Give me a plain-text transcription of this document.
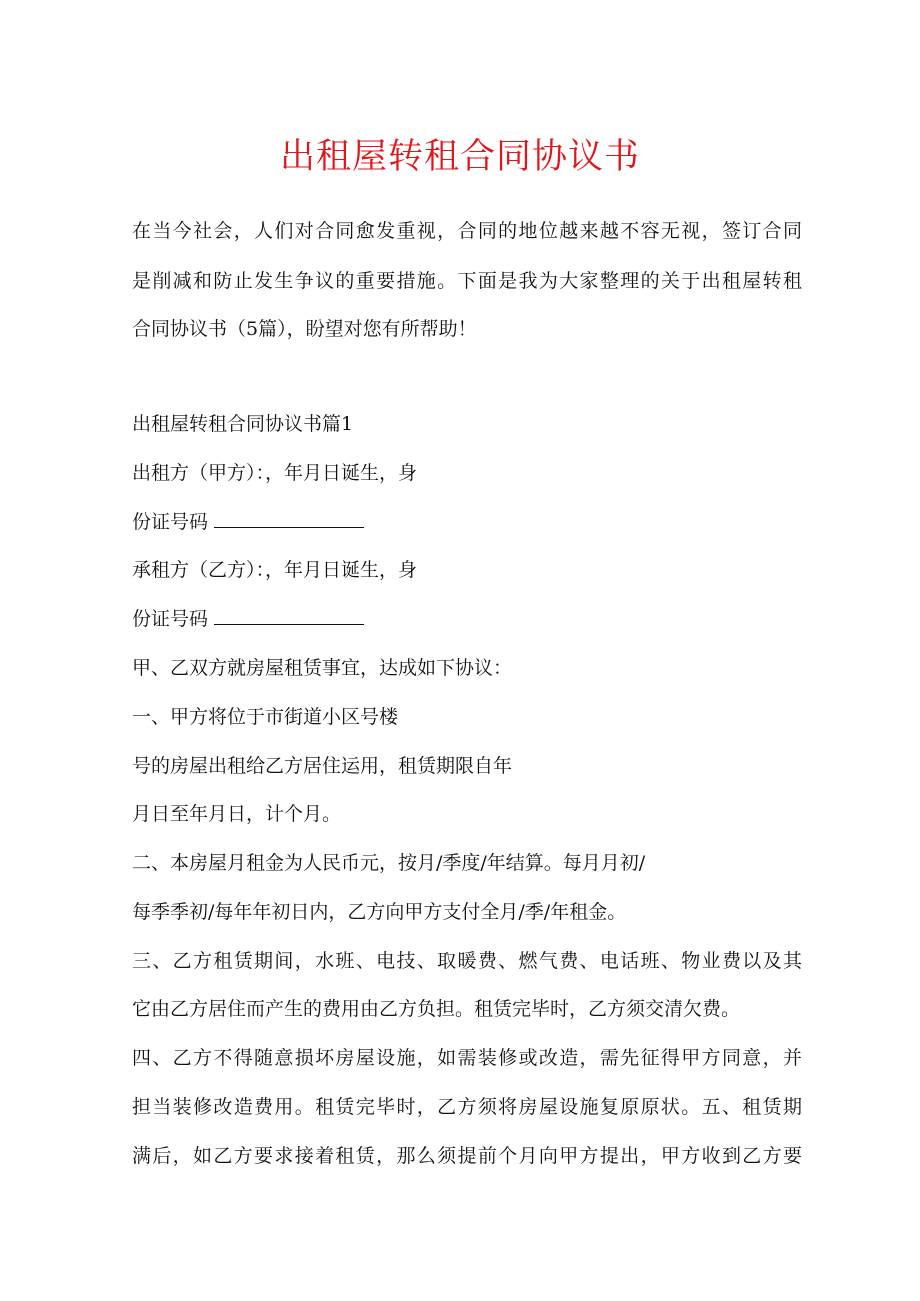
出租屋转租合同协议书

在当今社会，人们对合同愈发重视，合同的地位越来越不容无视，签订合同

是削减和防止发生争议的重要措施。下面是我为大家整理的关于出租屋转租

合同协议书（5篇），盼望对您有所帮助！

出租屋转租合同协议书篇1

出租方（甲方）：，年月日诞生，身

份证号码

承租方（乙方）：，年月日诞生，身

份证号码

甲、乙双方就房屋租赁事宜，达成如下协议：

一、甲方将位于市街道小区号楼

号的房屋出租给乙方居住运用，租赁期限自年

月日至年月日，计个月。

二、本房屋月租金为人民币元，按月/季度/年结算。每月月初/

每季季初/每年年初日内，乙方向甲方支付全月/季/年租金。

三、乙方租赁期间，水班、电技、取暖费、燃气费、电话班、物业费以及其

它由乙方居住而产生的费用由乙方负担。租赁完毕时，乙方须交清欠费。

四、乙方不得随意损坏房屋设施，如需装修或改造，需先征得甲方同意，并

担当装修改造费用。租赁完毕时，乙方须将房屋设施复原原状。五、租赁期

满后，如乙方要求接着租赁，那么须提前个月向甲方提出，甲方收到乙方要
